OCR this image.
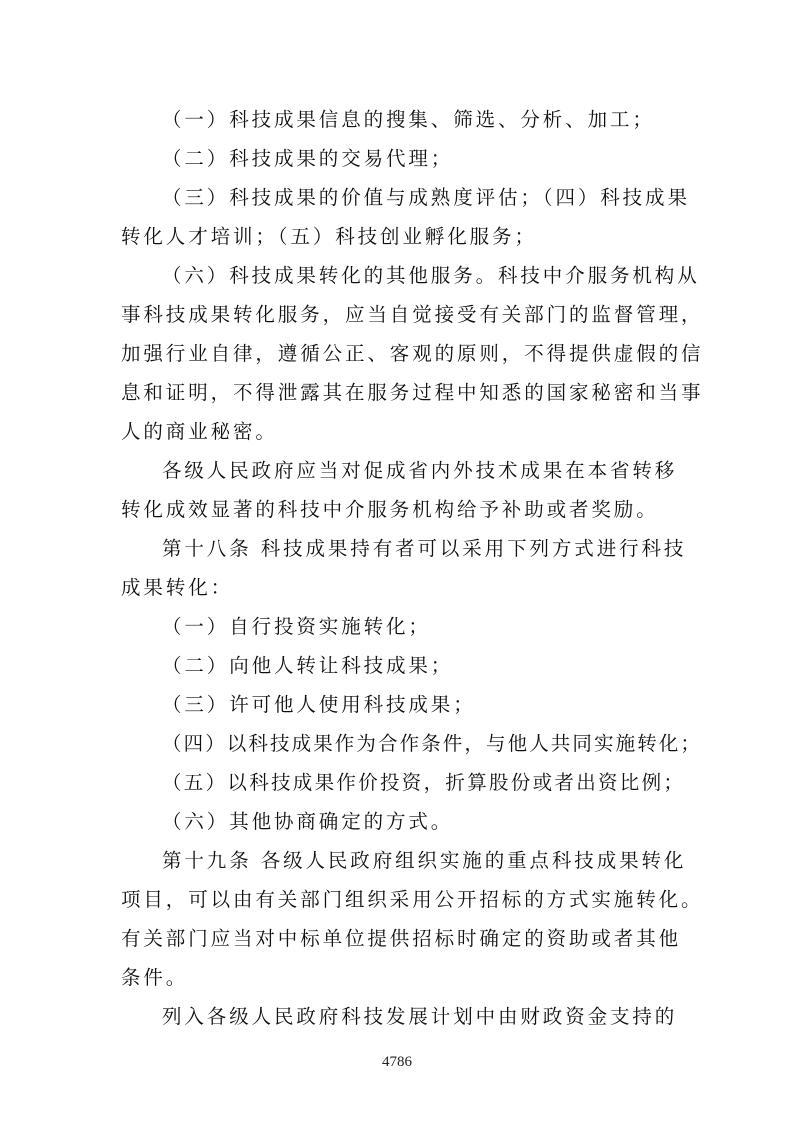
（一）科技成果信息的搜集、筛选、分析、加工；
（二）科技成果的交易代理；
（三）科技成果的价值与成熟度评估；（四）科技成果
转化人才培训；（五）科技创业孵化服务；
（六）科技成果转化的其他服务。科技中介服务机构从
事科技成果转化服务，应当自觉接受有关部门的监督管理，
加强行业自律，遵循公正、客观的原则，不得提供虚假的信
息和证明，不得泄露其在服务过程中知悉的国家秘密和当事
人的商业秘密。
各级人民政府应当对促成省内外技术成果在本省转移
转化成效显著的科技中介服务机构给予补助或者奖励。
第十八条 科技成果持有者可以采用下列方式进行科技
成果转化：
（一）自行投资实施转化；
（二）向他人转让科技成果；
（三）许可他人使用科技成果；
（四）以科技成果作为合作条件，与他人共同实施转化；
（五）以科技成果作价投资，折算股份或者出资比例；
（六）其他协商确定的方式。
第十九条 各级人民政府组织实施的重点科技成果转化
项目，可以由有关部门组织采用公开招标的方式实施转化。
有关部门应当对中标单位提供招标时确定的资助或者其他
条件。
列入各级人民政府科技发展计划中由财政资金支持的
4786
